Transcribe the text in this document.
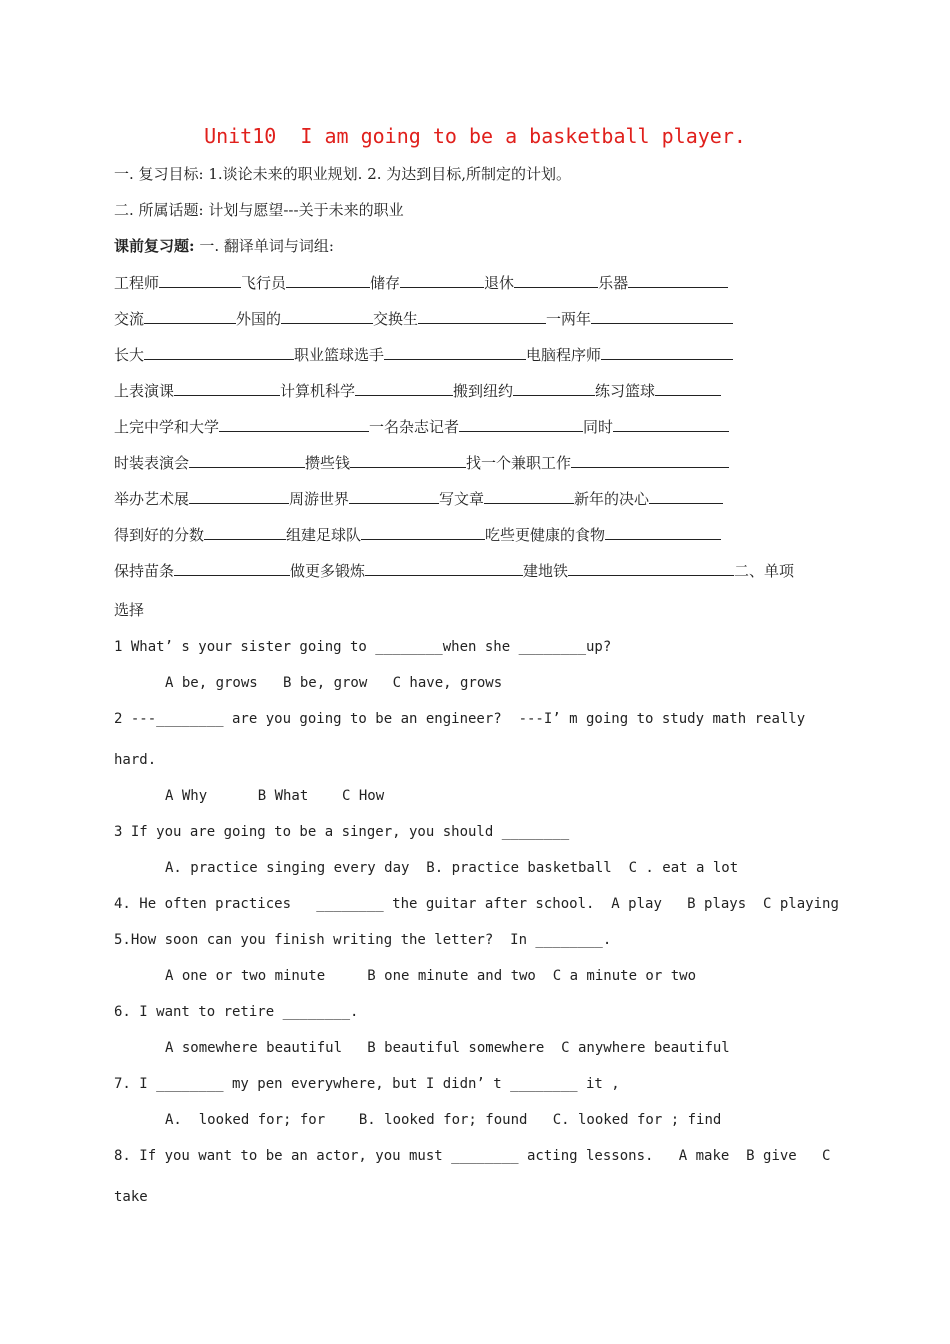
Unit10  I am going to be a basketball player.
一. 复习目标: 1.谈论未来的职业规划. 2. 为达到目标,所制定的计划。
二. 所属话题: 计划与愿望---关于未来的职业
课前复习题: 一. 翻译单词与词组:
工程师	飞行员	储存	退休	乐器
交流	外国的	交换生	一两年
长大	职业篮球选手	电脑程序师
上表演课	计算机科学	搬到纽约	练习篮球
上完中学和大学	一名杂志记者	同时
时装表演会	攒些钱	找一个兼职工作
举办艺术展	周游世界	写文章	新年的决心
得到好的分数	组建足球队	吃些更健康的食物
保持苗条	做更多锻炼	建地铁	二、单项
选择
1 What’ s your sister going to ________when she ________up?
A be, grows   B be, grow   C have, grows
2 ---________ are you going to be an engineer?  ---I’ m going to study math really
hard.
A Why      B What    C How
3 If you are going to be a singer, you should ________
A. practice singing every day  B. practice basketball  C . eat a lot
4. He often practices   ________ the guitar after school.  A play   B plays  C playing
5.How soon can you finish writing the letter?  In ________.
A one or two minute     B one minute and two  C a minute or two
6. I want to retire ________.
A somewhere beautiful   B beautiful somewhere  C anywhere beautiful
7. I ________ my pen everywhere, but I didn’ t ________ it ,
A.  looked for; for    B. looked for; found   C. looked for ; find
8. If you want to be an actor, you must ________ acting lessons.   A make  B give   C
take
